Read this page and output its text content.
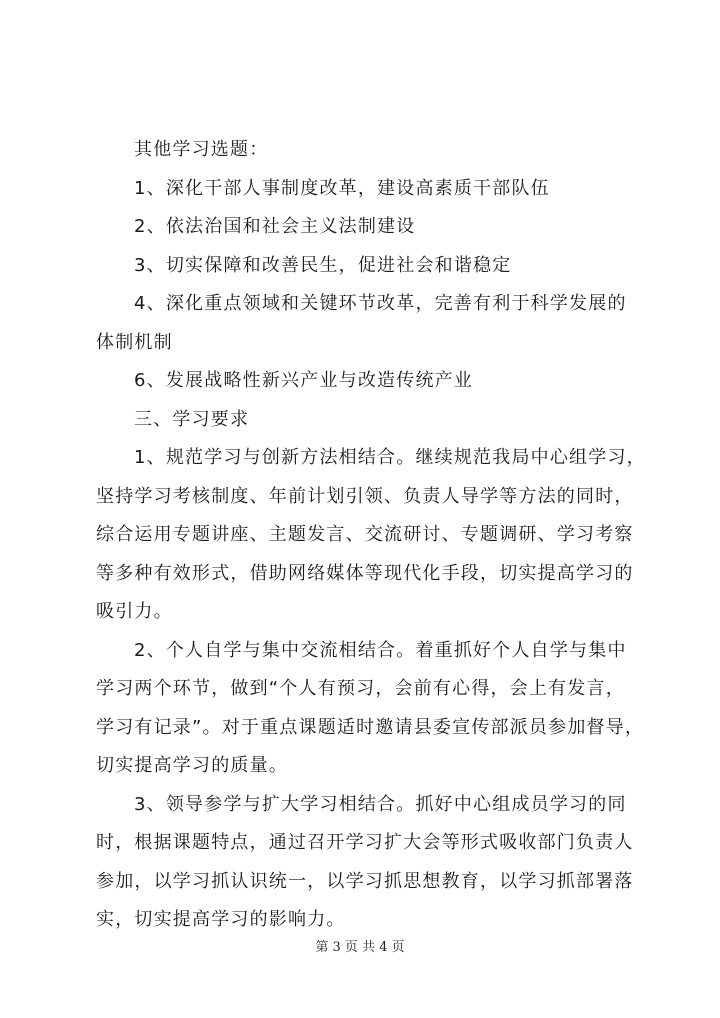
其他学习选题：
1、深化干部人事制度改革，建设高素质干部队伍
2、依法治国和社会主义法制建设
3、切实保障和改善民生，促进社会和谐稳定
4、深化重点领域和关键环节改革，完善有利于科学发展的
体制机制
6、发展战略性新兴产业与改造传统产业
三、学习要求
1、规范学习与创新方法相结合。继续规范我局中心组学习，
坚持学习考核制度、年前计划引领、负责人导学等方法的同时，
综合运用专题讲座、主题发言、交流研讨、专题调研、学习考察
等多种有效形式，借助网络媒体等现代化手段，切实提高学习的
吸引力。
2、个人自学与集中交流相结合。着重抓好个人自学与集中
学习两个环节，做到“个人有预习，会前有心得，会上有发言，
学习有记录”。对于重点课题适时邀请县委宣传部派员参加督导，
切实提高学习的质量。
3、领导参学与扩大学习相结合。抓好中心组成员学习的同
时，根据课题特点，通过召开学习扩大会等形式吸收部门负责人
参加，以学习抓认识统一，以学习抓思想教育，以学习抓部署落
实，切实提高学习的影响力。
第 3 页 共 4 页
